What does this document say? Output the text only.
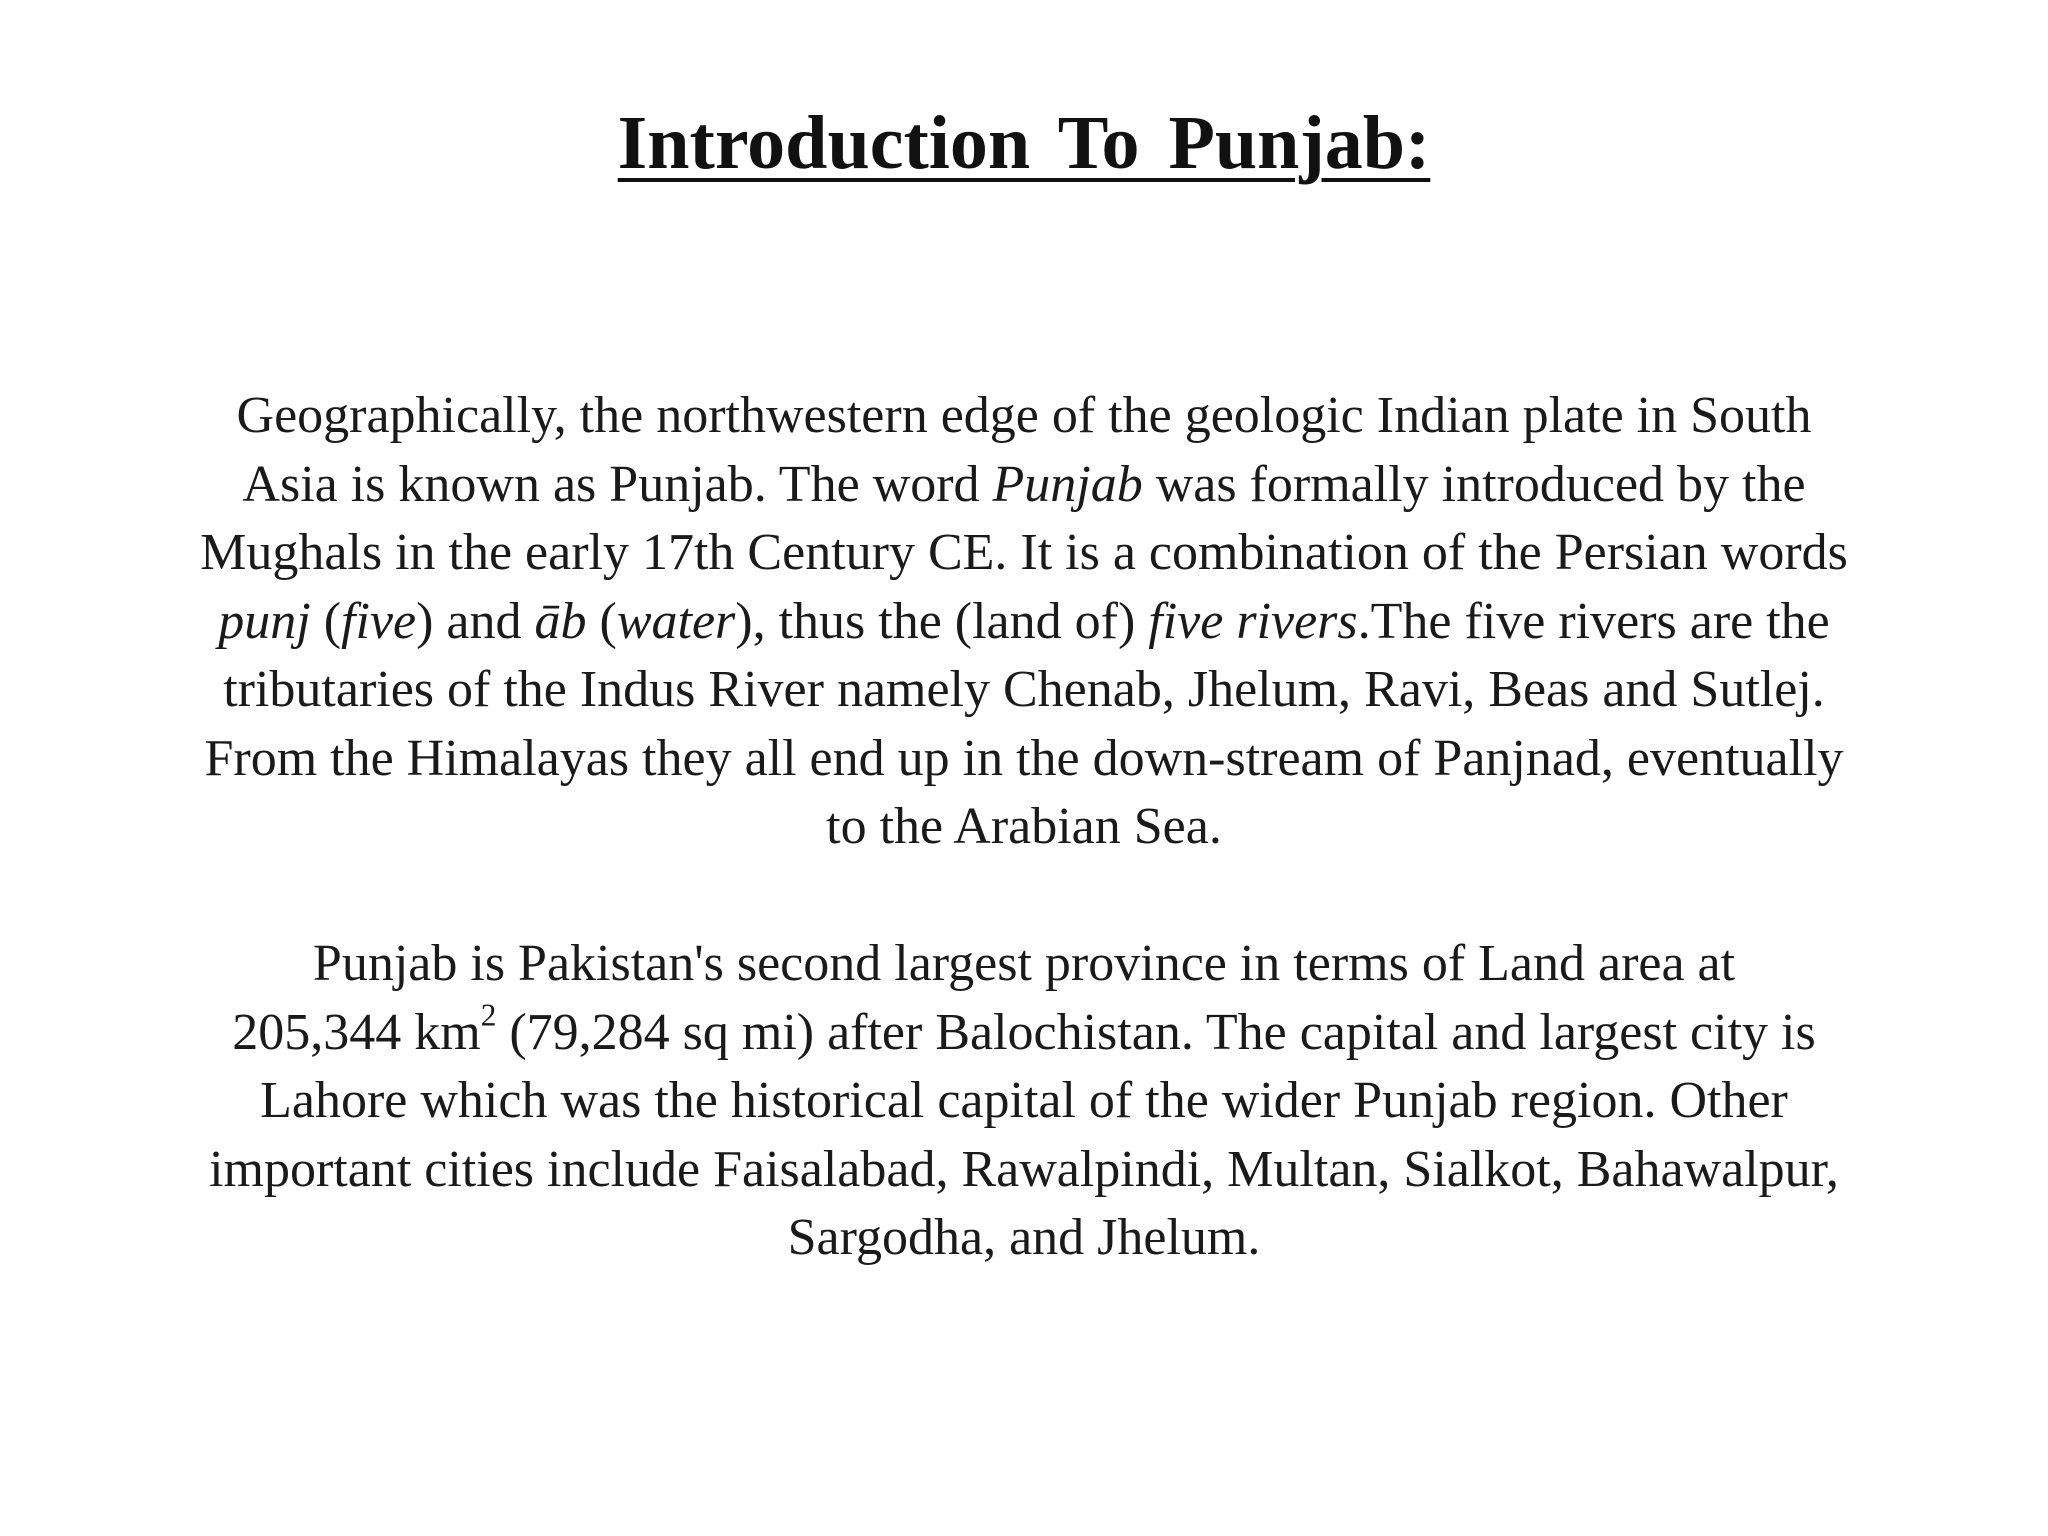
Introduction To Punjab:
Geographically, the northwestern edge of the geologic Indian plate in South
Asia is known as Punjab. The word Punjab was formally introduced by the
Mughals in the early 17th Century CE. It is a combination of the Persian words
punj (five) and āb (water), thus the (land of) five rivers.The five rivers are the
tributaries of the Indus River namely Chenab, Jhelum, Ravi, Beas and Sutlej.
From the Himalayas they all end up in the down-stream of Panjnad, eventually
to the Arabian Sea.
Punjab is Pakistan's second largest province in terms of Land area at
205,344 $km^2$ (79,284 sq mi) after Balochistan. The capital and largest city is
Lahore which was the historical capital of the wider Punjab region. Other
important cities include Faisalabad, Rawalpindi, Multan, Sialkot, Bahawalpur,
Sargodha, and Jhelum.
